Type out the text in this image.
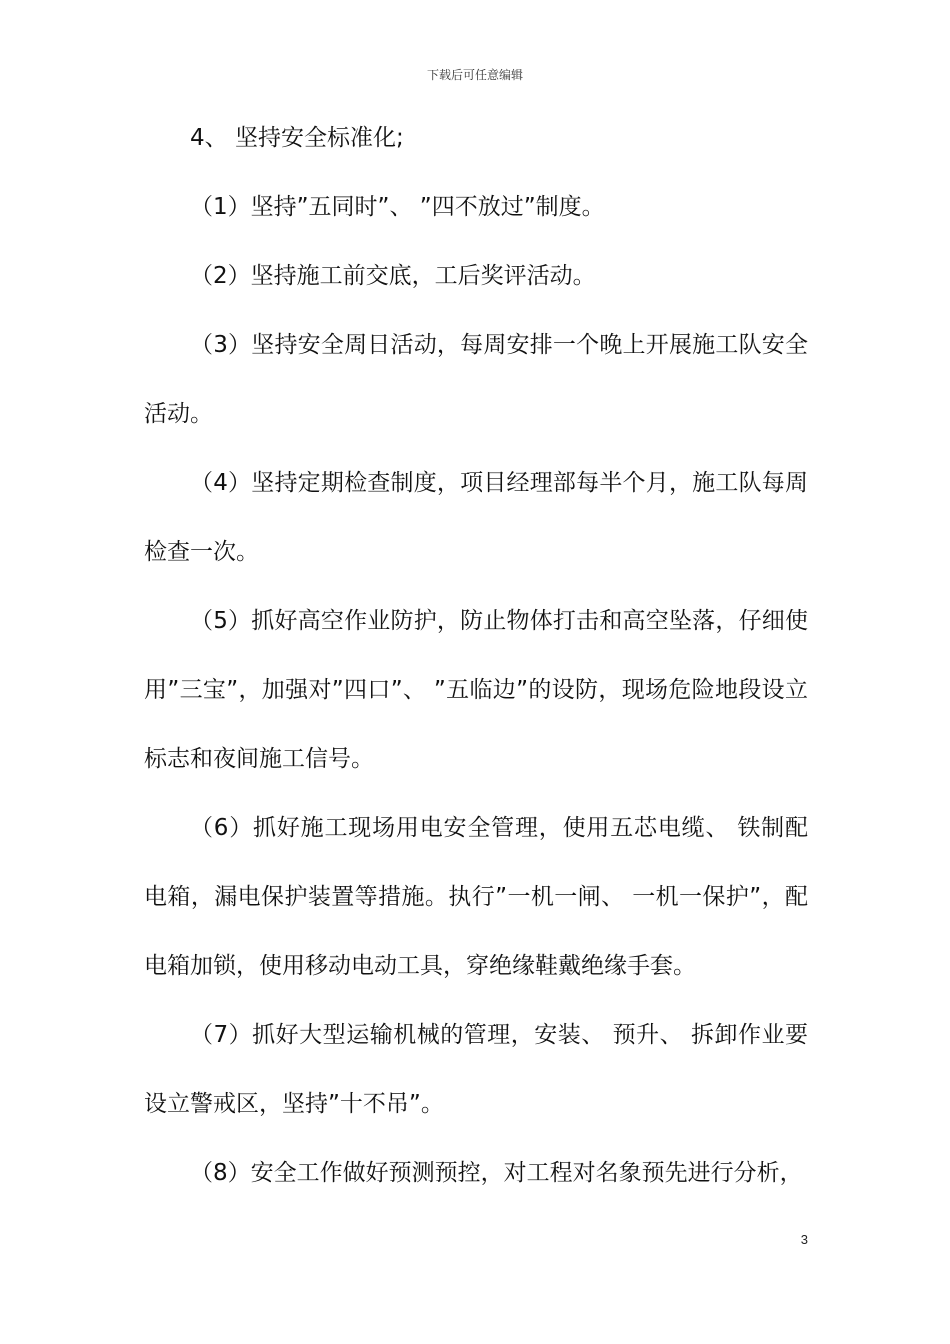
下载后可任意编辑

4、 坚持安全标准化;

（1）坚持”五同时”、 ”四不放过”制度。

（2）坚持施工前交底，工后奖评活动。

（3）坚持安全周日活动，每周安排一个晚上开展施工队安全活动。

（4）坚持定期检查制度，项目经理部每半个月，施工队每周检查一次。

（5）抓好高空作业防护，防止物体打击和高空坠落，仔细使用”三宝”，加强对”四口”、 ”五临边”的设防，现场危险地段设立标志和夜间施工信号。

（6）抓好施工现场用电安全管理，使用五芯电缆、 铁制配电箱，漏电保护装置等措施。执行”一机一闸、 一机一保护”，配电箱加锁，使用移动电动工具，穿绝缘鞋戴绝缘手套。

（7）抓好大型运输机械的管理，安装、 预升、 拆卸作业要设立警戒区，坚持”十不吊”。

（8）安全工作做好预测预控，对工程对名象预先进行分析，

3
